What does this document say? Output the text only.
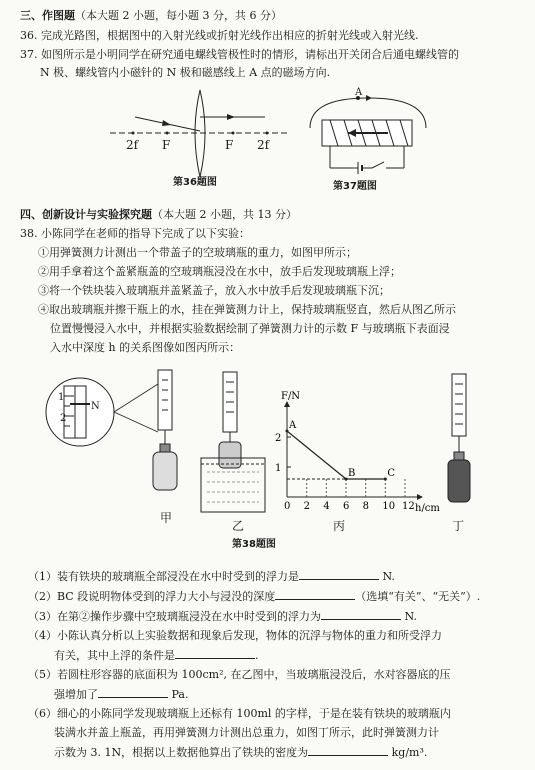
三、作图题（本大题 2 小题，每小题 3 分，共 6 分）
36. 完成光路图，根据图中的入射光线或折射光线作出相应的折射光线或入射光线.
37. 如图所示是小明同学在研究通电螺线管极性时的情形，请标出开关闭合后通电螺线管的
N 极、螺线管内小磁针的 N 极和磁感线上 A 点的磁场方向.
2f F	F 2f
第36题图
A
第37题图
四、创新设计与实验探究题（本大题 2 小题，共 13 分）
38. 小陈同学在老师的指导下完成了以下实验：
①用弹簧测力计测出一个带盖子的空玻璃瓶的重力，如图甲所示；
②用手拿着这个盖紧瓶盖的空玻璃瓶浸没在水中，放手后发现玻璃瓶上浮；
③将一个铁块装入玻璃瓶并盖紧盖子，放入水中放手后发现玻璃瓶下沉；
④取出玻璃瓶并擦干瓶上的水，挂在弹簧测力计上，保持玻璃瓶竖直，然后从图乙所示
位置慢慢浸入水中，并根据实验数据绘制了弹簧测力计的示数 F 与玻璃瓶下表面浸
入水中深度 h 的关系图像如图丙所示：
1
2
N
F/N
h/cm
0 2 4 6 8 10 12
1
2
A
B	C
甲
乙	丙	丁
第38题图
（1）装有铁块的玻璃瓶全部浸没在水中时受到的浮力是	N.
（2）BC 段说明物体受到的浮力大小与浸没的深度	（选填“有关”、“无关”）.
（3）在第②操作步骤中空玻璃瓶浸没在水中时受到的浮力为	N.
（4）小陈认真分析以上实验数据和现象后发现，物体的沉浮与物体的重力和所受浮力
有关，其中上浮的条件是	.
（5）若圆柱形容器的底面积为 100cm², 在乙图中，当玻璃瓶浸没后，水对容器底的压
强增加了	Pa.
（6）细心的小陈同学发现玻璃瓶上还标有 100ml 的字样，于是在装有铁块的玻璃瓶内
装满水并盖上瓶盖，再用弹簧测力计测出总重力，如图丁所示，此时弹簧测力计
示数为 3. 1N，根据以上数据他算出了铁块的密度为	kg/m³.
